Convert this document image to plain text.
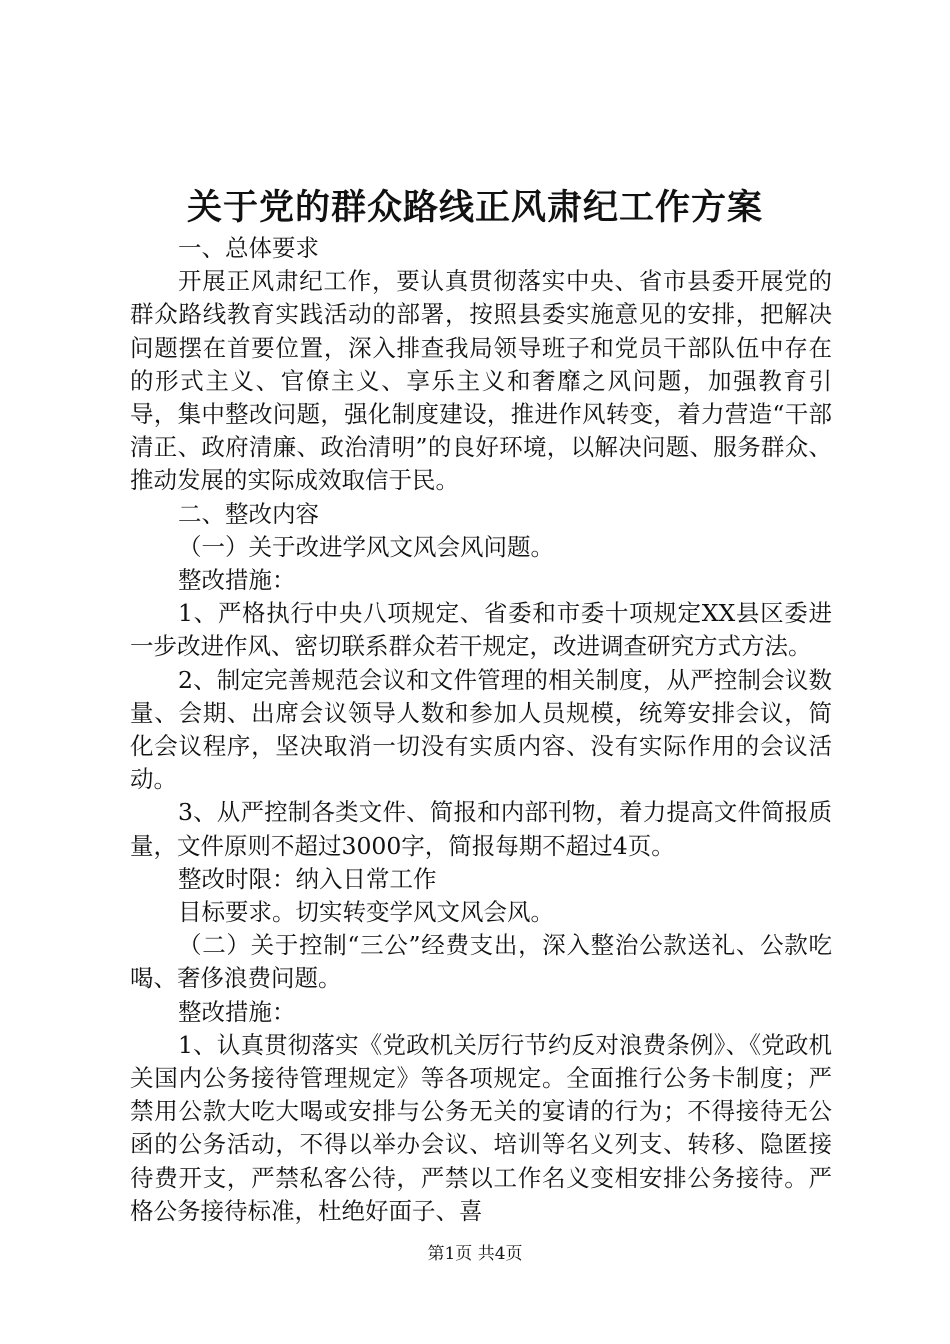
关于党的群众路线正风肃纪工作方案

一、总体要求

开展正风肃纪工作，要认真贯彻落实中央、省市县委开展党的群众路线教育实践活动的部署，按照县委实施意见的安排，把解决问题摆在首要位置，深入排查我局领导班子和党员干部队伍中存在的形式主义、官僚主义、享乐主义和奢靡之风问题，加强教育引导，集中整改问题，强化制度建设，推进作风转变，着力营造“干部清正、政府清廉、政治清明”的良好环境，以解决问题、服务群众、推动发展的实际成效取信于民。

二、整改内容

（一）关于改进学风文风会风问题。

整改措施：

1、严格执行中央八项规定、省委和市委十项规定XX县区委进一步改进作风、密切联系群众若干规定，改进调查研究方式方法。

2、制定完善规范会议和文件管理的相关制度，从严控制会议数量、会期、出席会议领导人数和参加人员规模，统筹安排会议，简化会议程序，坚决取消一切没有实质内容、没有实际作用的会议活动。

3、从严控制各类文件、简报和内部刊物，着力提高文件简报质量，文件原则不超过3000字，简报每期不超过4页。

整改时限：纳入日常工作

目标要求。切实转变学风文风会风。

（二）关于控制“三公”经费支出，深入整治公款送礼、公款吃喝、奢侈浪费问题。

整改措施：

1、认真贯彻落实《党政机关厉行节约反对浪费条例》、《党政机关国内公务接待管理规定》等各项规定。全面推行公务卡制度；严禁用公款大吃大喝或安排与公务无关的宴请的行为；不得接待无公函的公务活动，不得以举办会议、培训等名义列支、转移、隐匿接待费开支，严禁私客公待，严禁以工作名义变相安排公务接待。严格公务接待标准，杜绝好面子、喜

第1页 共4页
